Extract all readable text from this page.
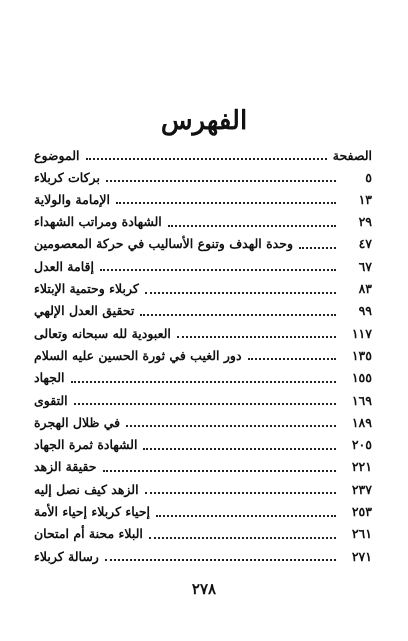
الفهرس
الموضوع	الصفحة
بركات كربلاء	٥
الإمامة والولاية	١٣
الشهادة ومراتب الشهداء	٢٩
وحدة الهدف وتنوع الأساليب في حركة المعصومين	٤٧
إقامة العدل	٦٧
كربلاء وحتمية الإبتلاء	٨٣
تحقيق العدل الإلهي	٩٩
العبودية لله سبحانه وتعالى	١١٧
دور الغيب في ثورة الحسين عليه السلام	١٣٥
الجهاد	١٥٥
التقوى	١٦٩
في ظلال الهجرة	١٨٩
الشهادة ثمرة الجهاد	٢٠٥
حقيقة الزهد	٢٢١
الزهد كيف نصل إليه	٢٣٧
إحياء كربلاء إحياء الأمة	٢٥٣
البلاء محنة أم امتحان	٢٦١
رسالة كربلاء	٢٧١
٢٧٨
